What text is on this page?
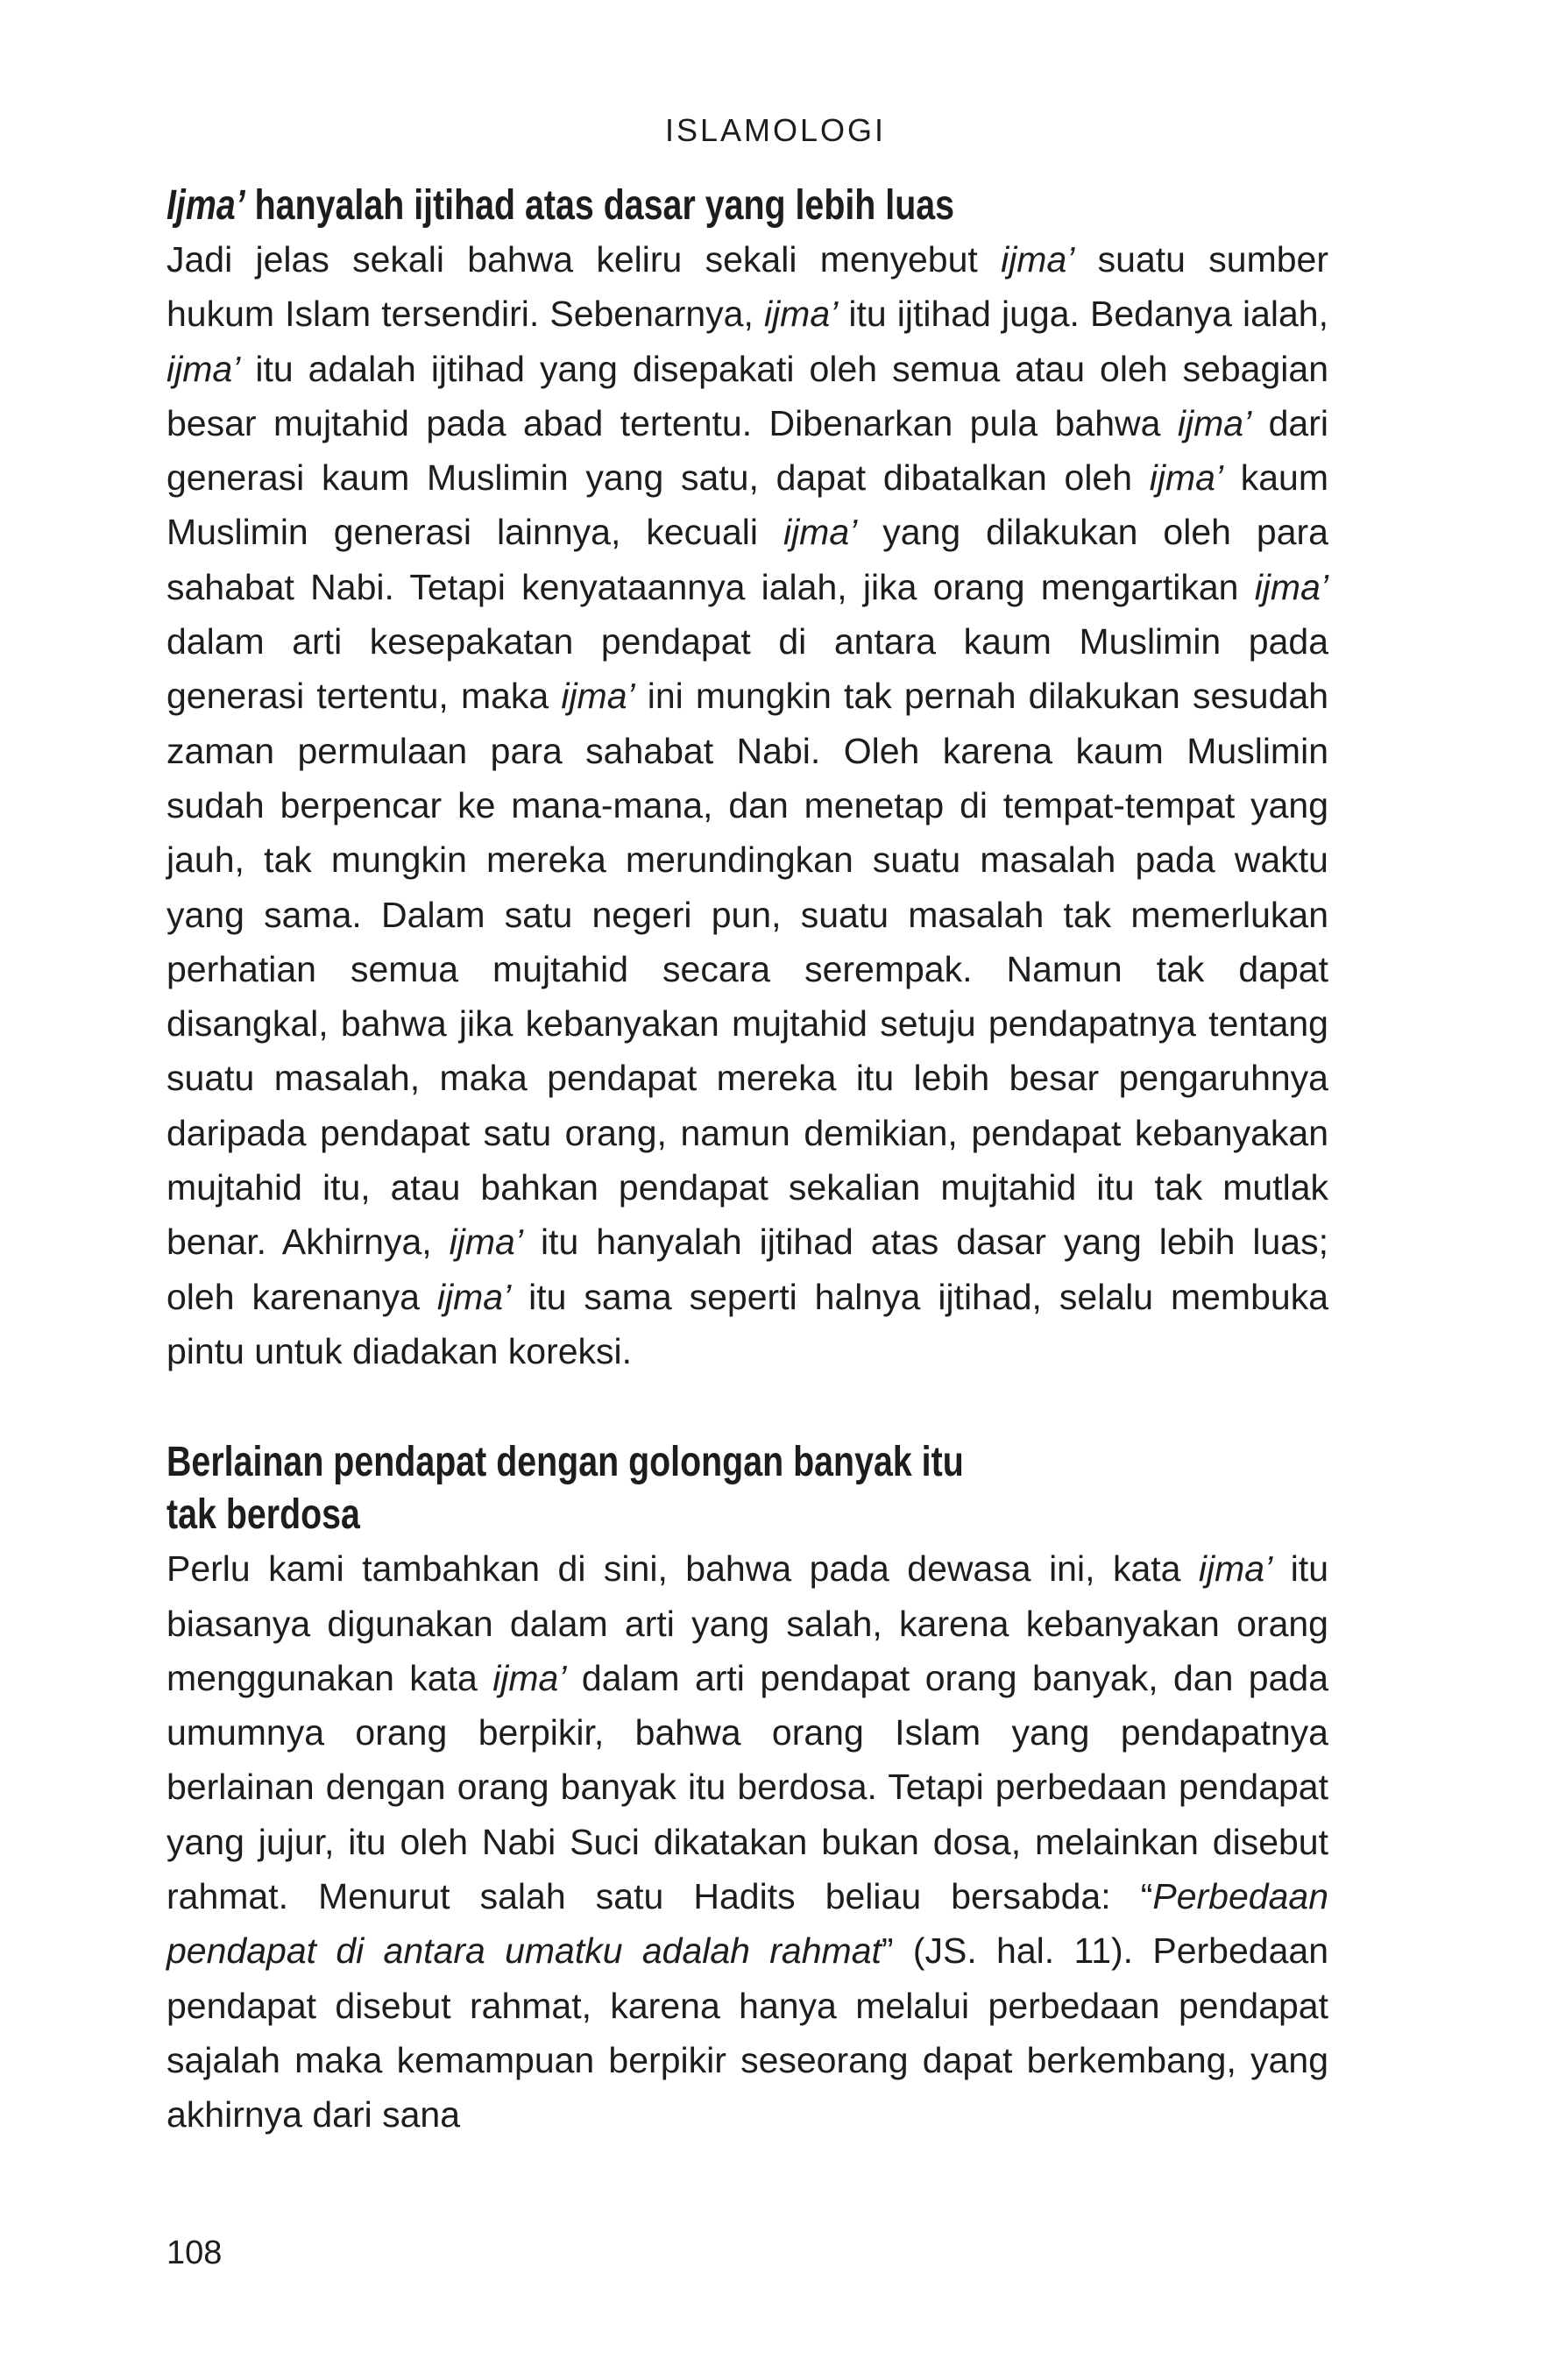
ISLAMOLOGI
Ijma’ hanyalah ijtihad atas dasar yang lebih luas

Jadi jelas sekali bahwa keliru sekali menyebut ijma’ suatu sumber hukum Islam tersendiri. Sebenarnya, ijma’ itu ijtihad juga. Bedanya ialah, ijma’ itu adalah ijtihad yang disepakati oleh semua atau oleh sebagian besar mujtahid pada abad tertentu. Dibenarkan pula bahwa ijma’ dari generasi kaum Muslimin yang satu, dapat dibatalkan oleh ijma’ kaum Muslimin generasi lainnya, kecuali ijma’ yang dilakukan oleh para sahabat Nabi. Tetapi kenyataannya ialah, jika orang mengartikan ijma’ dalam arti kesepakatan pendapat di antara kaum Muslimin pada generasi tertentu, maka ijma’ ini mungkin tak pernah dilakukan sesudah zaman permulaan para sahabat Nabi. Oleh karena kaum Muslimin sudah berpencar ke mana-mana, dan menetap di tempat-tempat yang jauh, tak mungkin mereka merundingkan suatu masalah pada waktu yang sama. Dalam satu negeri pun, suatu masalah tak memerlukan perhatian semua mujtahid secara serempak. Namun tak dapat disangkal, bahwa jika kebanyakan mujtahid setuju pendapatnya tentang suatu masalah, maka pendapat mereka itu lebih besar pengaruhnya daripada pendapat satu orang, namun demikian, pendapat kebanyakan mujtahid itu, atau bahkan pendapat sekalian mujtahid itu tak mutlak benar. Akhirnya, ijma’ itu hanyalah ijtihad atas dasar yang lebih luas; oleh karenanya ijma’ itu sama seperti halnya ijtihad, selalu membuka pintu untuk diadakan koreksi.

Berlainan pendapat dengan golongan banyak itu
tak berdosa

Perlu kami tambahkan di sini, bahwa pada dewasa ini, kata ijma’ itu biasanya digunakan dalam arti yang salah, karena kebanyakan orang menggunakan kata ijma’ dalam arti pendapat orang banyak, dan pada umumnya orang berpikir, bahwa orang Islam yang pendapatnya berlainan dengan orang banyak itu berdosa. Tetapi perbedaan pendapat yang jujur, itu oleh Nabi Suci dikatakan bukan dosa, melainkan disebut rahmat. Menurut salah satu Hadits beliau bersabda: “Perbedaan pendapat di antara umatku adalah rahmat” (JS. hal. 11). Perbedaan pendapat disebut rahmat, karena hanya melalui perbedaan pendapat sajalah maka kemampuan berpikir seseorang dapat berkembang, yang akhirnya dari sana

108
